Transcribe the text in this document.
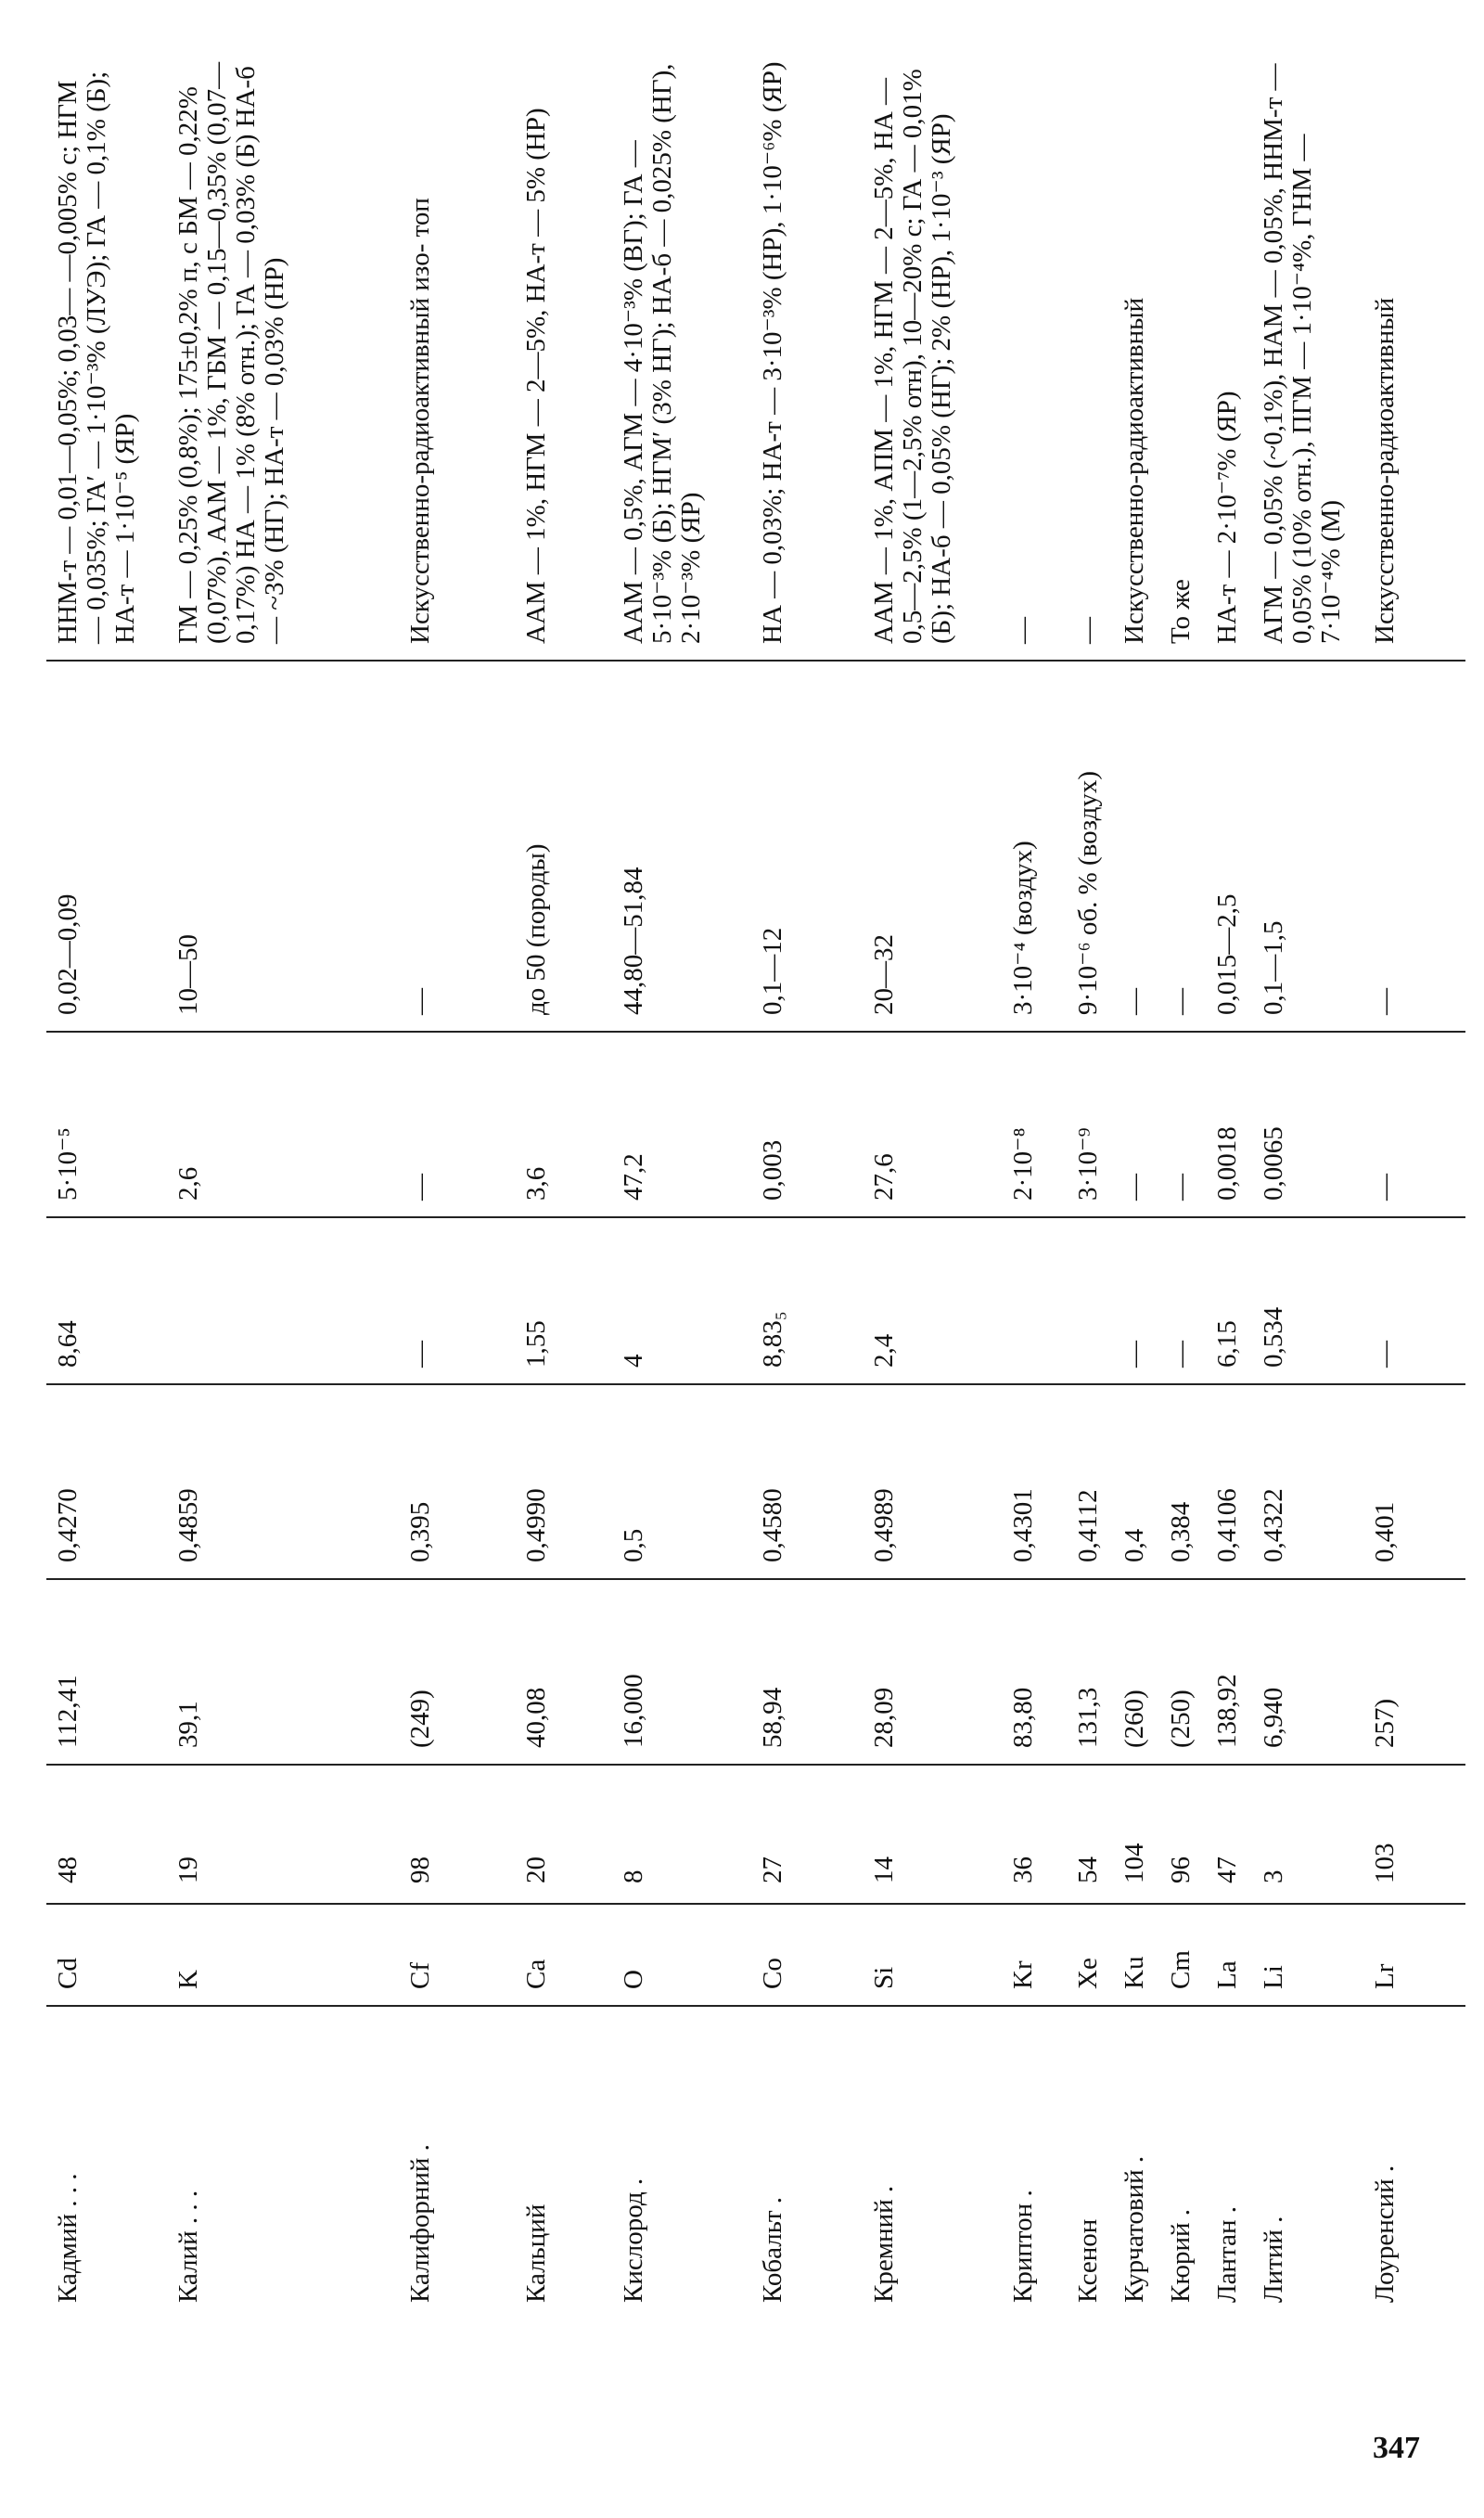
Кадмий . . .
Cd
48
112,41
0,4270
8,64
5·10⁻⁵
0,02—0,09
ННМ-т — 0,01—0,05%; 0,03— —0,005% с; НГМ — 0,035%; ГА′ — 1·10⁻³% (ЛУЭ); ГА — 0,1% (Б); НА-т — 1·10⁻⁵ (ЯР)
Калий . . .
K
19
39,1
0,4859
2,6
10—50
ГМ — 0,25% (0,8%); 175±0,2% п, с БМ — 0,22% (0,07%), ААМ — 1%, ГБМ — 0,15—0,35% (0,07—0,17%) НА — 1% (8% отн.); ГА — 0,03% (Б) НА-б — ~3% (НГ); НА-т — 0,03% (НР)
Калифорний .
Cf
98
(249)
0,395
—
—
—
Искусственно-радиоактивный изо- топ
Кальций
Ca
20
40,08
0,4990
1,55
3,6
до 50 (породы)
ААМ — 1%, НГМ — 2—5%, НА-т — 5% (НР)
Кислород .
O
8
16,000
0,5
4
47,2
44,80—51,84
ААМ — 0,5%, АГМ — 4·10⁻³% (ВГ); ГА — 5·10⁻³% (Б); НГМ′ (3% НГ); НА-б — 0,025% (НГ), 2·10⁻³% (ЯР)
Кобальт .
Co
27
58,94
0,4580
8,83₅
0,003
0,1—12
НА — 0,03%; НА-т — 3·10⁻³% (НР), 1·10⁻⁶% (ЯР)
Кремний .
Si
14
28,09
0,4989
2,4
27,6
20—32
ААМ — 1%, АПМ — 1%, НГМ — 2—5%, НА — 0,5—2,5% (1—2,5% отн), 10—20% с; ГА — 0,01% (Б); НА-б — 0,05% (НГ); 2% (НР), 1·10⁻³ (ЯР)
Криптон .
Kr
36
83,80
0,4301
2·10⁻⁸
3·10⁻⁴ (воздух)
—
Ксенон
Xe
54
131,3
0,4112
3·10⁻⁹
9·10⁻⁶ об. % (воздух)
—
Курчатовий .
Ku
104
(260)
0,4
—
—
—
Искусственно-радиоактивный
Кюрий .
Cm
96
(250)
0,384
—
—
—
То же
Лантан .
La
47
138,92
0,4106
6,15
0,0018
0,015—2,5
НА-т — 2·10⁻⁷% (ЯР)
Литий .
Li
3
6,940
0,4322
0,534
0,0065
0,1—1,5
АГМ — 0,05% (~0,1%), НАМ — 0,05%, ННМ-т — 0,05% (10% отн.), ПГМ — 1·10⁻⁴%, ГНМ — 7·10⁻⁴% (М)
Лоуренсий .
Lr
103
257)
0,401
—
—
—
Искусственно-радиоактивный
347
